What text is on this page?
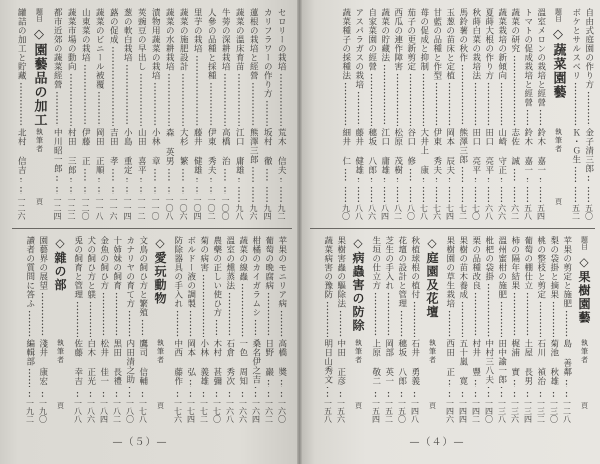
セロリーの栽培
荒木 信夫
九二
カリフラワーの作り方
坂村 徹
九四
蓮根の栽培と經營
熊澤三郎
九六
蔬菜の溫床育苗
江口 庸雄
九八
牛蒡の深耕栽培
高橋 治
一〇〇
人參の品種と採種
伊東 秀夫
一〇二
里芋の栽培
藤井 健雄
一〇四
蔬菜の施肥設計
大杉 繁
一〇六
蔬菜の水耕栽培
森 英男
一〇八
漬物用蔬菜の栽培
小林 章
一一〇
莢豌豆の早出し
山田 喜平
一一二
葱の軟白栽培
小島 重定
一一四
蕗の促成
吉田 孝
一一六
蔬菜のビニール被覆
岡田 正順
一一八
山東菜の栽培
伊藤 正
一二〇
蔬菜市場の動向
村田 三郎
一二二
都市近郊の蔬菜經營
中川昭一郎
一二四
題目
◇園藝品の加工
執筆者
頁
罐詰の加工と貯藏
北村 信吉
一二六
苹果のモニリア病
高橋 奬
一六〇
葡萄の晩腐病
日野 巖
一六二
柑橘のカイガラムシ
桑名伊之吉
一六四
蔬菜の線蟲
一色 周知
一六六
溫室の燻蒸法
石倉 秀次
一六八
農藥の正しい使ひ方
木村 甚彌
一七〇
菊の病害
小林 義雄
一七二
ボルドー液の調製
岡本 弘
一七四
防除器具の手入れ
中西 藤作
一七六
◇愛玩動物
執筆者
頁
文鳥の飼ひ方と繁殖
鷹司 信輔
一七八
カナリヤの育て方
内田清之助
一八〇
十姉妹の飼育
黒田 長禮
一八二
金魚の飼ひ方
松井 佳一
一八四
犬の飼ひ方と躾
白木 正光
一八六
兎の飼育と管理
佐藤 幸吉
一八八
◇雜の部
執筆者
頁
園藝界の展望
淺井 康宏
一九〇
讀者の質問に答ふ
編輯部
一九二
—（５）—
自由式庭園の作り方
金子清三郎
五〇
ボケとサルスベリ
Ｋ・Ｇ生
五二
題目
◇蔬菜園藝
執筆者
頁
溫室メロンの栽培と經營
鈴木 嘉一
五四
トマトの促成栽培と經營
鈴木 嘉一
五八
蔬菜の研究
志佐 誠
六二
蔬菜栽培の新傾向
山崎 守正
六六
夏蒔大根の作り方
田口 亮平
六八
秋蒔白菜の栽培法
田口 亮平
七〇
馬鈴薯の秋作
熊澤三郎
七二
玉葱の苗床と定植
岡本 辰夫
七四
甘藍の品種と作型
伊東 秀夫
七六
苺の促成と抑制
大井上 康
七八
茄子の更新剪定
谷口 修
八〇
西瓜の連作障害
松原 茂樹
八二
蔬菜の貯藏法
江口 庸雄
八四
自家菜園の經營
穗坂 八郎
八六
アスパラガスの栽培
藤井 健雄
八八
蔬菜種子の採種法
細井 仁
九〇
題目
◇果樹園藝
執筆者
頁
苹果の剪定と施肥
島 善鄰
一二八
梨の袋掛と摘果
菊池 秋雄
一三〇
桃の整枝と剪定
石川 禎治
一三二
葡萄の棚仕立
土屋 長男
一三四
柿の隔年結果
梶浦 實
一三六
溫州蜜柑の施肥
田中諭一郎
一三八
枇杷の袋掛
中村三八夫
一四〇
栗の品種改良
村井 豐
一四二
果樹の苗木養成
五十嵐 寛
一四四
果樹園の草生栽培
西田 正
一四六
◇庭園及花壇
執筆者
頁
秋植球根の植付
石井 勇義
一四八
花壇の設計と管理
穗坂 八郎
一五〇
芝生の手入れ
岡部 英一
一五二
生垣の仕立方
上原 敬二
一五四
◇病蟲害の防除
執筆者
頁
果樹害蟲の驅除法
中田 正彦
一五六
蔬菜病害の豫防
明日山秀文
一五八
—（４）—
